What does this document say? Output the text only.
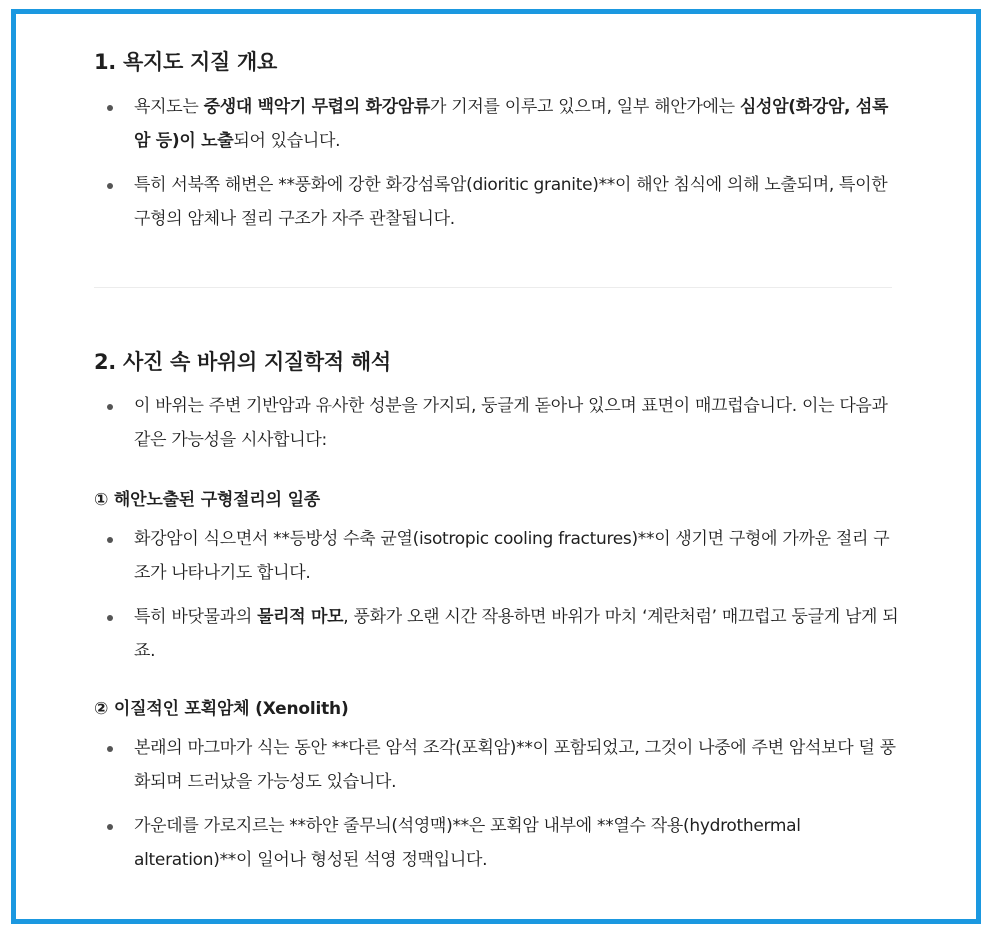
1. 욕지도 지질 개요
욕지도는 중생대 백악기 무렵의 화강암류가 기저를 이루고 있으며, 일부 해안가에는 심성암(화강암, 섬록암 등)이 노출되어 있습니다.
특히 서북쪽 해변은 **풍화에 강한 화강섬록암(dioritic granite)**이 해안 침식에 의해 노출되며, 특이한 구형의 암체나 절리 구조가 자주 관찰됩니다.
2. 사진 속 바위의 지질학적 해석
이 바위는 주변 기반암과 유사한 성분을 가지되, 둥글게 돋아나 있으며 표면이 매끄럽습니다. 이는 다음과 같은 가능성을 시사합니다:
① 해안노출된 구형절리의 일종
화강암이 식으면서 **등방성 수축 균열(isotropic cooling fractures)**이 생기면 구형에 가까운 절리 구조가 나타나기도 합니다.
특히 바닷물과의 물리적 마모, 풍화가 오랜 시간 작용하면 바위가 마치 ‘계란처럼’ 매끄럽고 둥글게 남게 되죠.
② 이질적인 포획암체 (Xenolith)
본래의 마그마가 식는 동안 **다른 암석 조각(포획암)**이 포함되었고, 그것이 나중에 주변 암석보다 덜 풍화되며 드러났을 가능성도 있습니다.
가운데를 가로지르는 **하얀 줄무늬(석영맥)**은 포획암 내부에 **열수 작용(hydrothermal alteration)**이 일어나 형성된 석영 정맥입니다.
